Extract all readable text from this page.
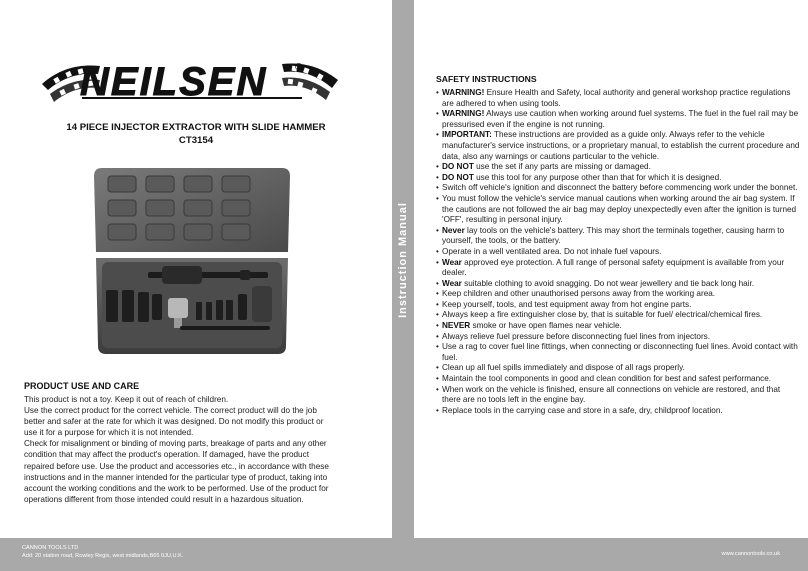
NEILSEN	®
14 PIECE INJECTOR EXTRACTOR WITH SLIDE HAMMER
CT3154
PRODUCT USE AND CARE
This product is not a toy. Keep it out of reach of children.
Use the correct product for the correct vehicle. The correct product will do the job
better and safer at the rate for which it was designed. Do not modify this product or
use it for a purpose for which it is not intended.
Check for misalignment or binding of moving parts, breakage of parts and any other
condition that may affect the product's operation. If damaged, have the product
repaired before use. Use the product and accessories etc., in accordance with these
instructions and in the manner intended for the particular type of product, taking into
account the working conditions and the work to be performed. Use of the product for
operations different from those intended could result in a hazardous situation.
Instruction Manual
SAFETY INSTRUCTIONS
• WARNING! Ensure Health and Safety, local authority and general workshop practice regulations are adhered to when using tools.
• WARNING! Always use caution when working around fuel systems. The fuel in the fuel rail may be pressurised even if the engine is not running.
• IMPORTANT: These instructions are provided as a guide only. Always refer to the vehicle manufacturer's service instructions, or a proprietary manual, to establish the current procedure and data, also any warnings or cautions particular to the vehicle.
• DO NOT use the set if any parts are missing or damaged.
• DO NOT use this tool for any purpose other than that for which it is designed.
• Switch off vehicle's ignition and disconnect the battery before commencing work under the bonnet.
• You must follow the vehicle's service manual cautions when working around the air bag system. If the cautions are not followed the air bag may deploy unexpectedly even after the ignition is turned 'OFF', resulting in personal injury.
• Never lay tools on the vehicle's battery. This may short the terminals together, causing harm to yourself, the tools, or the battery.
• Operate in a well ventilated area. Do not inhale fuel vapours.
• Wear approved eye protection. A full range of personal safety equipment is available from your dealer.
• Wear suitable clothing to avoid snagging. Do not wear jewellery and tie back long hair.
• Keep children and other unauthorised persons away from the working area.
• Keep yourself, tools, and test equipment away from hot engine parts.
• Always keep a fire extinguisher close by, that is suitable for fuel/ electrical/chemical fires.
• NEVER smoke or have open flames near vehicle.
• Always relieve fuel pressure before disconnecting fuel lines from injectors.
• Use a rag to cover fuel line fittings, when connecting or disconnecting fuel lines. Avoid contact with fuel.
• Clean up all fuel spills immediately and dispose of all rags properly.
• Maintain the tool components in good and clean condition for best and safest performance.
• When work on the vehicle is finished, ensure all connections on vehicle are restored, and that there are no tools left in the engine bay.
• Replace tools in the carrying case and store in a safe, dry, childproof location.
CANNON TOOLS LTD
Add: 20 station road, Rowley Regis, west midlands,B65 0JU,U.K.	www.cannontools.co.uk
